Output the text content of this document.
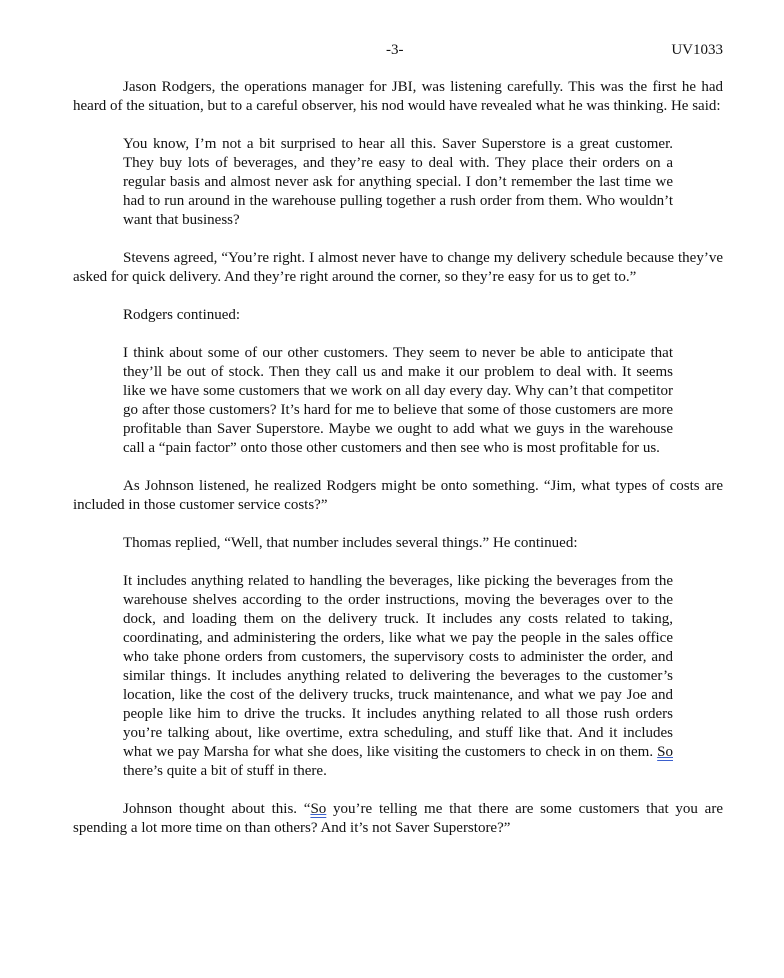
-3-	UV1033

Jason Rodgers, the operations manager for JBI, was listening carefully. This was the first he had heard of the situation, but to a careful observer, his nod would have revealed what he was thinking. He said:

You know, I’m not a bit surprised to hear all this. Saver Superstore is a great customer. They buy lots of beverages, and they’re easy to deal with. They place their orders on a regular basis and almost never ask for anything special. I don’t remember the last time we had to run around in the warehouse pulling together a rush order from them. Who wouldn’t want that business?

Stevens agreed, “You’re right. I almost never have to change my delivery schedule because they’ve asked for quick delivery. And they’re right around the corner, so they’re easy for us to get to.”

Rodgers continued:

I think about some of our other customers. They seem to never be able to anticipate that they’ll be out of stock. Then they call us and make it our problem to deal with. It seems like we have some customers that we work on all day every day. Why can’t that competitor go after those customers? It’s hard for me to believe that some of those customers are more profitable than Saver Superstore. Maybe we ought to add what we guys in the warehouse call a “pain factor” onto those other customers and then see who is most profitable for us.

As Johnson listened, he realized Rodgers might be onto something. “Jim, what types of costs are included in those customer service costs?”

Thomas replied, “Well, that number includes several things.” He continued:

It includes anything related to handling the beverages, like picking the beverages from the warehouse shelves according to the order instructions, moving the beverages over to the dock, and loading them on the delivery truck. It includes any costs related to taking, coordinating, and administering the orders, like what we pay the people in the sales office who take phone orders from customers, the supervisory costs to administer the order, and similar things. It includes anything related to delivering the beverages to the customer’s location, like the cost of the delivery trucks, truck maintenance, and what we pay Joe and people like him to drive the trucks. It includes anything related to all those rush orders you’re talking about, like overtime, extra scheduling, and stuff like that. And it includes what we pay Marsha for what she does, like visiting the customers to check in on them. So there’s quite a bit of stuff in there.

Johnson thought about this. “So you’re telling me that there are some customers that you are spending a lot more time on than others? And it’s not Saver Superstore?”
